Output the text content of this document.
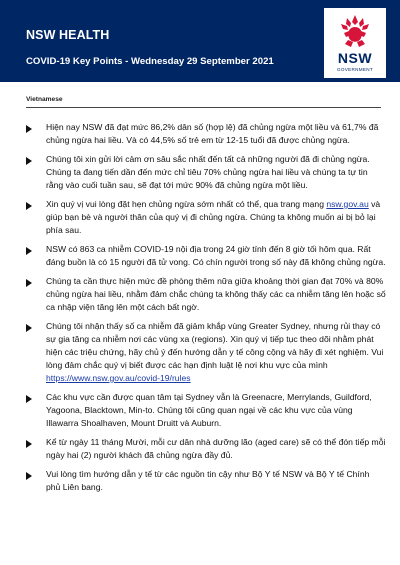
NSW HEALTH
COVID-19 Key Points - Wednesday 29 September 2021	NSW
GOVERNMENT
Vietnamese
Hiện nay NSW đã đạt mức 86,2% dân số (hợp lệ) đã chủng ngừa một liều và 61,7% đã chủng ngừa hai liều. Và có 44,5% số trẻ em từ 12-15 tuổi đã được chủng ngừa.
Chúng tôi xin gửi lời cảm ơn sâu sắc nhất đến tất cả những người đã đi chủng ngừa. Chúng ta đang tiến dần đến mức chỉ tiêu 70% chủng ngừa hai liều và chúng ta tự tin rằng vào cuối tuần sau, sẽ đạt tới mức 90% đã chủng ngừa một liều.
Xin quý vị vui lòng đặt hẹn chủng ngừa sớm nhất có thể, qua trang mạng nsw.gov.au và giúp bạn bè và người thân của quý vị đi chủng ngừa. Chúng ta không muốn ai bị bỏ lại phía sau.
NSW có 863 ca nhiễm COVID-19 nội địa trong 24 giờ tính đến 8 giờ tối hôm qua. Rất đáng buồn là có 15 người đã tử vong. Có chín người trong số này đã không chủng ngừa.
Chúng ta cần thực hiện mức đề phòng thêm nữa giữa khoảng thời gian đạt 70% và 80% chủng ngừa hai liều, nhằm đảm chắc chúng ta không thấy các ca nhiễm tăng lên hoặc số ca nhập viện tăng lên một cách bất ngờ.
Chúng tôi nhận thấy số ca nhiễm đã giảm khắp vùng Greater Sydney, nhưng rủi thay có sự gia tăng ca nhiễm nơi các vùng xa (regions). Xin quý vị tiếp tục theo dõi nhằm phát hiện các triệu chứng, hãy chủ ý đến hướng dẫn y tế công cộng và hãy đi xét nghiệm. Vui lòng đảm chắc quý vị biết được các hạn định luật lệ nơi khu vực của mình https://www.nsw.gov.au/covid-19/rules
Các khu vực cần được quan tâm tại Sydney vẫn là Greenacre, Merrylands, Guildford, Yagoona, Blacktown, Min-to. Chúng tôi cũng quan ngại về các khu vực của vùng Illawarra Shoalhaven, Mount Druitt và Auburn.
Kể từ ngày 11 tháng Mười, mỗi cư dân nhà dưỡng lão (aged care) sẽ có thể đón tiếp mỗi ngày hai (2) người khách đã chủng ngừa đầy đủ.
Vui lòng tìm hướng dẫn y tế từ các nguồn tin cậy như Bộ Y tế NSW và Bộ Y tế Chính phủ Liên bang.
